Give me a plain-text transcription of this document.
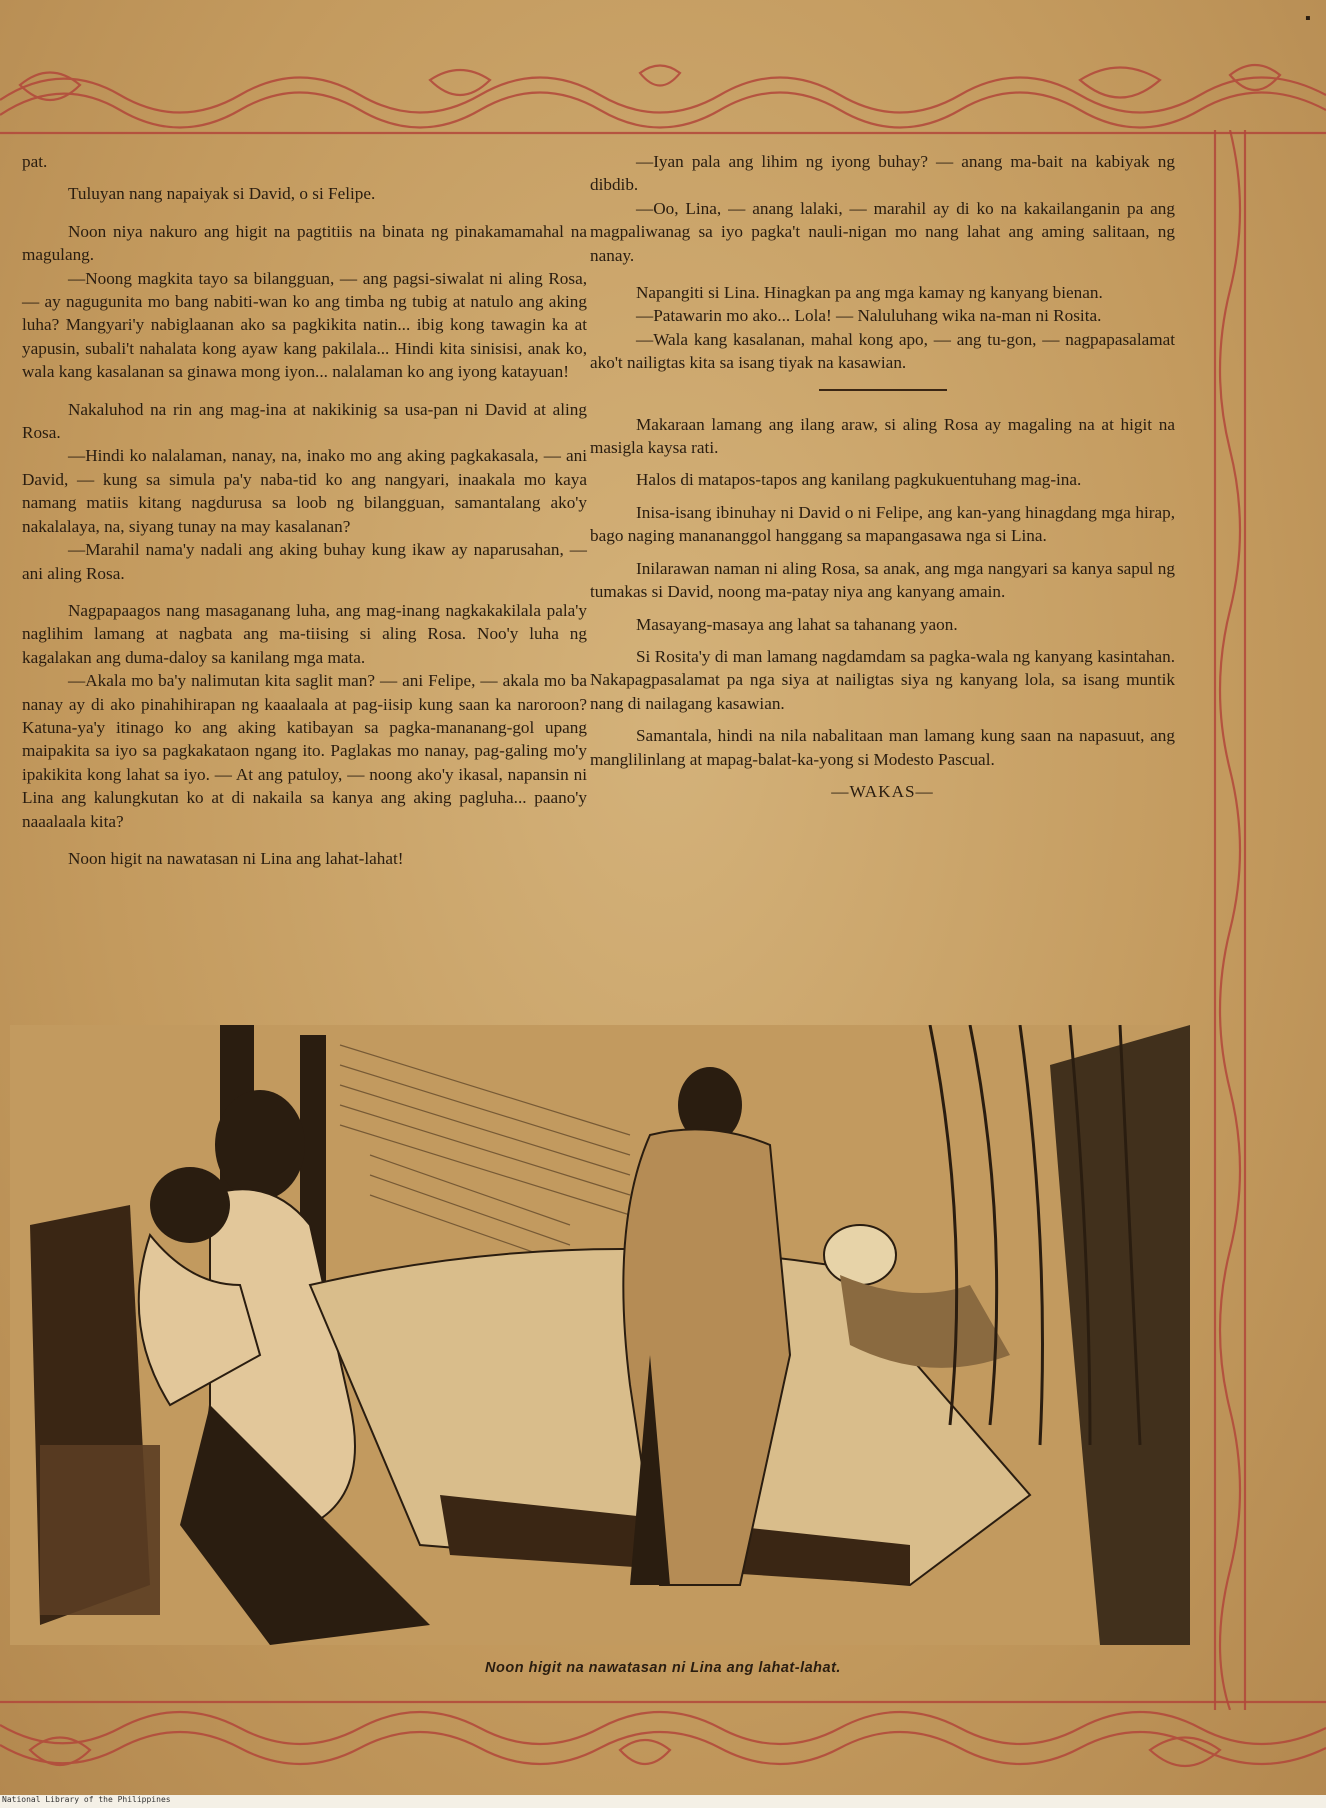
pat.

Tuluyan nang napaiyak si David, o si Felipe.

Noon niya nakuro ang higit na pagtitiis na binata ng pinakamamahal na magulang.

—Noong magkita tayo sa bilangguan, — ang pagsi-siwalat ni aling Rosa, — ay nagugunita mo bang nabiti-wan ko ang timba ng tubig at natulo ang aking luha? Mangyari'y nabiglaanan ako sa pagkikita natin... ibig kong tawagin ka at yapusin, subali't nahalata kong ayaw kang pakilala... Hindi kita sinisisi, anak ko, wala kang kasalanan sa ginawa mong iyon... nalalaman ko ang iyong katayuan!

Nakaluhod na rin ang mag-ina at nakikinig sa usa-pan ni David at aling Rosa.

—Hindi ko nalalaman, nanay, na, inako mo ang aking pagkakasala, — ani David, — kung sa simula pa'y naba-tid ko ang nangyari, inaakala mo kaya namang matiis kitang nagdurusa sa loob ng bilangguan, samantalang ako'y nakalalaya, na, siyang tunay na may kasalanan?

—Marahil nama'y nadali ang aking buhay kung ikaw ay naparusahan, — ani aling Rosa.

Nagpapaagos nang masaganang luha, ang mag-inang nagkakakilala pala'y naglihim lamang at nagbata ang ma-tiising si aling Rosa. Noo'y luha ng kagalakan ang duma-daloy sa kanilang mga mata.

—Akala mo ba'y nalimutan kita saglit man? — ani Felipe, — akala mo ba nanay ay di ako pinahihirapan ng kaaalaala at pag-iisip kung saan ka naroroon? Katuna-ya'y itinago ko ang aking katibayan sa pagka-mananang-gol upang maipakita sa iyo sa pagkakataon ngang ito. Paglakas mo nanay, pag-galing mo'y ipakikita kong lahat sa iyo. — At ang patuloy, — noong ako'y ikasal, napansin ni Lina ang kalungkutan ko at di nakaila sa kanya ang aking pagluha... paano'y naaalaala kita?

Noon higit na nawatasan ni Lina ang lahat-lahat!

—Iyan pala ang lihim ng iyong buhay? — anang ma-bait na kabiyak ng dibdib.

—Oo, Lina, — anang lalaki, — marahil ay di ko na kakailanganin pa ang magpaliwanag sa iyo pagka't nauli-nigan mo nang lahat ang aming salitaan, ng nanay.

Napangiti si Lina. Hinagkan pa ang mga kamay ng kanyang bienan.

—Patawarin mo ako... Lola! — Naluluhang wika na-man ni Rosita.

—Wala kang kasalanan, mahal kong apo, — ang tu-gon, — nagpapasalamat ako't nailigtas kita sa isang tiyak na kasawian.

Makaraan lamang ang ilang araw, si aling Rosa ay magaling na at higit na masigla kaysa rati.

Halos di matapos-tapos ang kanilang pagkukuentuhang mag-ina.

Inisa-isang ibinuhay ni David o ni Felipe, ang kan-yang hinagdang mga hirap, bago naging manananggol hanggang sa mapangasawa nga si Lina.

Inilarawan naman ni aling Rosa, sa anak, ang mga nangyari sa kanya sapul ng tumakas si David, noong ma-patay niya ang kanyang amain.

Masayang-masaya ang lahat sa tahanang yaon.

Si Rosita'y di man lamang nagdamdam sa pagka-wala ng kanyang kasintahan. Nakapagpasalamat pa nga siya at nailigtas siya ng kanyang lola, sa isang muntik nang di nailagang kasawian.

Samantala, hindi na nila nabalitaan man lamang kung saan na napasuut, ang manglilinlang at mapag-balat-ka-yong si Modesto Pascual.

—WAKAS—

Noon higit na nawatasan ni Lina ang lahat-lahat.
▪
National Library of the Philippines
